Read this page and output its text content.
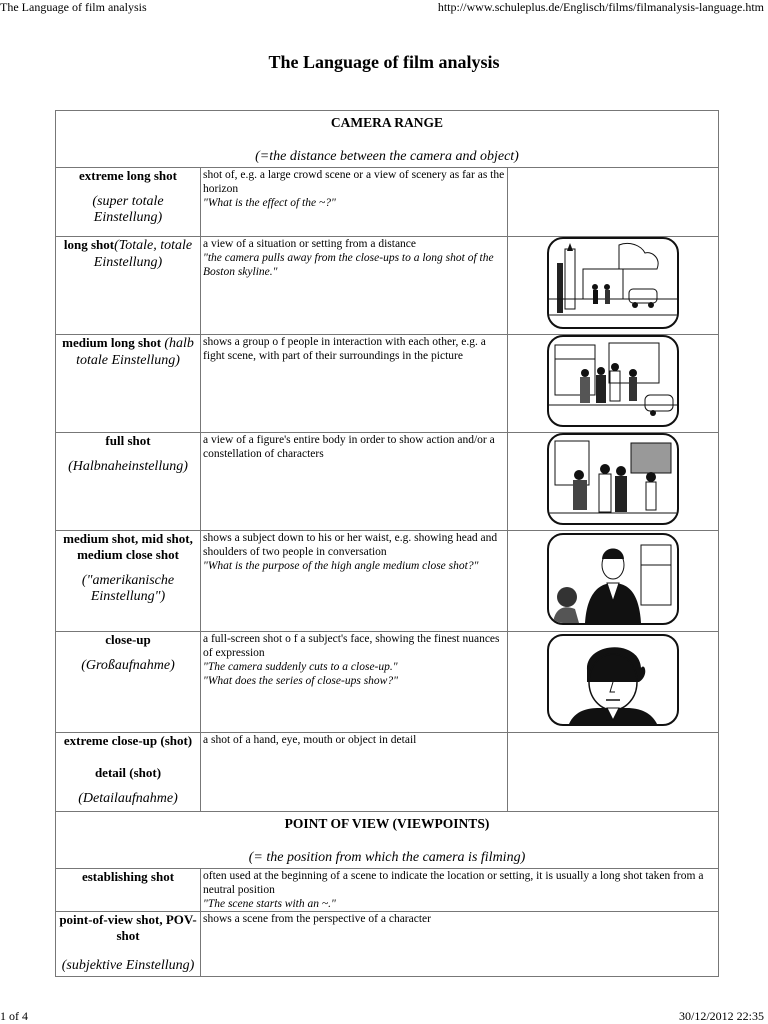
The Language of film analysis	http://www.schuleplus.de/Englisch/films/filmanalysis-language.htm
The Language of film analysis
CAMERA RANGE
(=the distance between the camera and object)		

extreme long shot
(super totale Einstellung)	shot of, e.g. a large crowd scene or a view of scenery as far as the horizon
"What is the effect of the ~?"	

long shot(Totale, totale Einstellung)	a view of a situation or setting from a distance
"the camera pulls away from the close-ups to a long shot of the Boston skyline."

medium long shot (halb totale Einstellung)	shows a group o f people in interaction with each other, e.g. a fight scene, with part of their surroundings in the picture	

full shot
(Halbnaheinstellung)	a view of a figure's entire body in order to show action and/or a constellation of characters	

medium shot, mid shot, medium close shot
("amerikanische Einstellung")	shows a subject down to his or her waist, e.g. showing head and shoulders of two people in conversation
"What is the purpose of the high angle medium close shot?"

close-up
(Großaufnahme)	a full-screen shot o f a subject's face, showing the finest nuances of expression
"The camera suddenly cuts to a close-up."
"What does the series of close-ups show?"

extreme close-up (shot)

detail (shot)
(Detailaufnahme)	a shot of a hand, eye, mouth or object in detail	

POINT OF VIEW (VIEWPOINTS)
(= the position from which the camera is filming)		

establishing shot	often used at the beginning of a scene to indicate the location or setting, it is usually a long shot taken from a neutral position
"The scene starts with an ~."	

point-of-view shot, POV-shot
(subjektive Einstellung)	shows a scene from the perspective of a character	
1 of 4	30/12/2012 22:35
